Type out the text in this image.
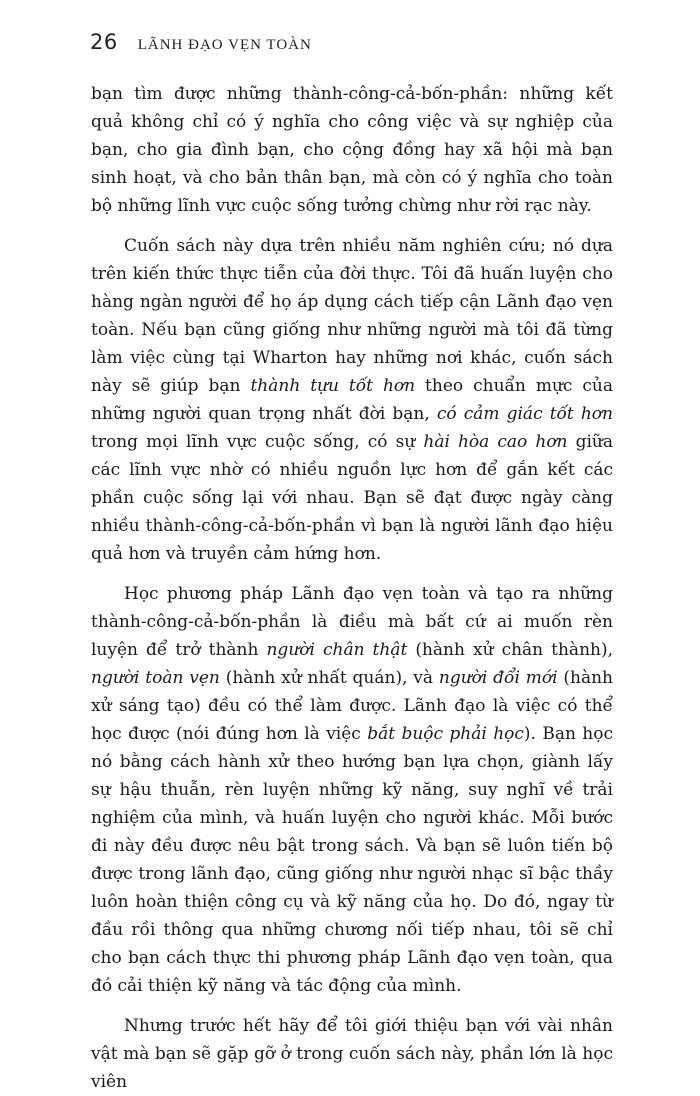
26 LÃNH ĐẠO VẸN TOÀN

bạn tìm được những thành-công-cả-bốn-phần: những kết quả không chỉ có ý nghĩa cho công việc và sự nghiệp của bạn, cho gia đình bạn, cho cộng đồng hay xã hội mà bạn sinh hoạt, và cho bản thân bạn, mà còn có ý nghĩa cho toàn bộ những lĩnh vực cuộc sống tưởng chừng như rời rạc này.

Cuốn sách này dựa trên nhiều năm nghiên cứu; nó dựa trên kiến thức thực tiễn của đời thực. Tôi đã huấn luyện cho hàng ngàn người để họ áp dụng cách tiếp cận Lãnh đạo vẹn toàn. Nếu bạn cũng giống như những người mà tôi đã từng làm việc cùng tại Wharton hay những nơi khác, cuốn sách này sẽ giúp bạn thành tựu tốt hơn theo chuẩn mực của những người quan trọng nhất đời bạn, có cảm giác tốt hơn trong mọi lĩnh vực cuộc sống, có sự hài hòa cao hơn giữa các lĩnh vực nhờ có nhiều nguồn lực hơn để gắn kết các phần cuộc sống lại với nhau. Bạn sẽ đạt được ngày càng nhiều thành-công-cả-bốn-phần vì bạn là người lãnh đạo hiệu quả hơn và truyền cảm hứng hơn.

Học phương pháp Lãnh đạo vẹn toàn và tạo ra những thành-công-cả-bốn-phần là điều mà bất cứ ai muốn rèn luyện để trở thành người chân thật (hành xử chân thành), người toàn vẹn (hành xử nhất quán), và người đổi mới (hành xử sáng tạo) đều có thể làm được. Lãnh đạo là việc có thể học được (nói đúng hơn là việc bắt buộc phải học). Bạn học nó bằng cách hành xử theo hướng bạn lựa chọn, giành lấy sự hậu thuẫn, rèn luyện những kỹ năng, suy nghĩ về trải nghiệm của mình, và huấn luyện cho người khác. Mỗi bước đi này đều được nêu bật trong sách. Và bạn sẽ luôn tiến bộ được trong lãnh đạo, cũng giống như người nhạc sĩ bậc thầy luôn hoàn thiện công cụ và kỹ năng của họ. Do đó, ngay từ đầu rồi thông qua những chương nối tiếp nhau, tôi sẽ chỉ cho bạn cách thực thi phương pháp Lãnh đạo vẹn toàn, qua đó cải thiện kỹ năng và tác động của mình.

Nhưng trước hết hãy để tôi giới thiệu bạn với vài nhân vật mà bạn sẽ gặp gỡ ở trong cuốn sách này, phần lớn là học viên
